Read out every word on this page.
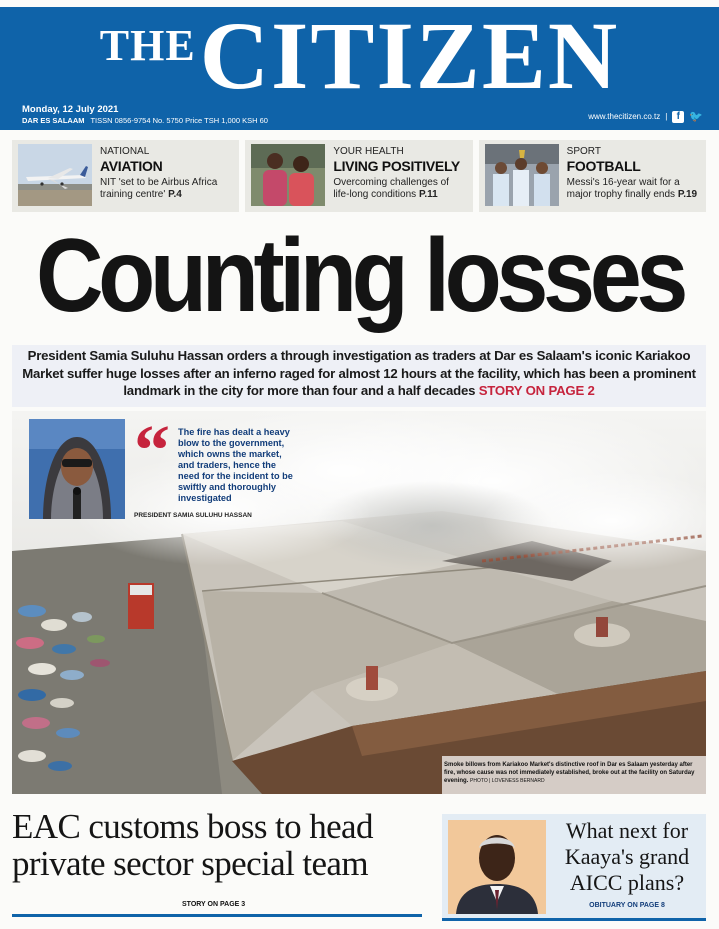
THE CITIZEN
Monday, 12 July 2021
DAR ES SALAAM TISSN 0856-9754 No. 5750 Price TSH 1,000 KSH 60	www.thecitizen.co.tz | f 🐦
NATIONAL
AVIATION
NIT 'set to be Airbus Africa training centre' P.4
YOUR HEALTH
LIVING POSITIVELY
Overcoming challenges of life-long conditions P.11
SPORT
FOOTBALL
Messi's 16-year wait for a major trophy finally ends P.19
Counting losses
President Samia Suluhu Hassan orders a through investigation as traders at Dar es Salaam's iconic Kariakoo Market suffer huge losses after an inferno raged for almost 12 hours at the facility, which has been a prominent landmark in the city for more than four and a half decades STORY ON PAGE 2
“ The fire has dealt a heavy blow to the government, which owns the market, and traders, hence the need for the incident to be swiftly and thoroughly investigated
PRESIDENT SAMIA SULUHU HASSAN
Smoke billows from Kariakoo Market's distinctive roof in Dar es Salaam yesterday after fire, whose cause was not immediately established, broke out at the facility on Saturday evening. PHOTO | LOVENESS BERNARD
EAC customs boss to head
private sector special team
STORY ON PAGE 3
What next for
Kaaya's grand
AICC plans?
OBITUARY ON PAGE 8
